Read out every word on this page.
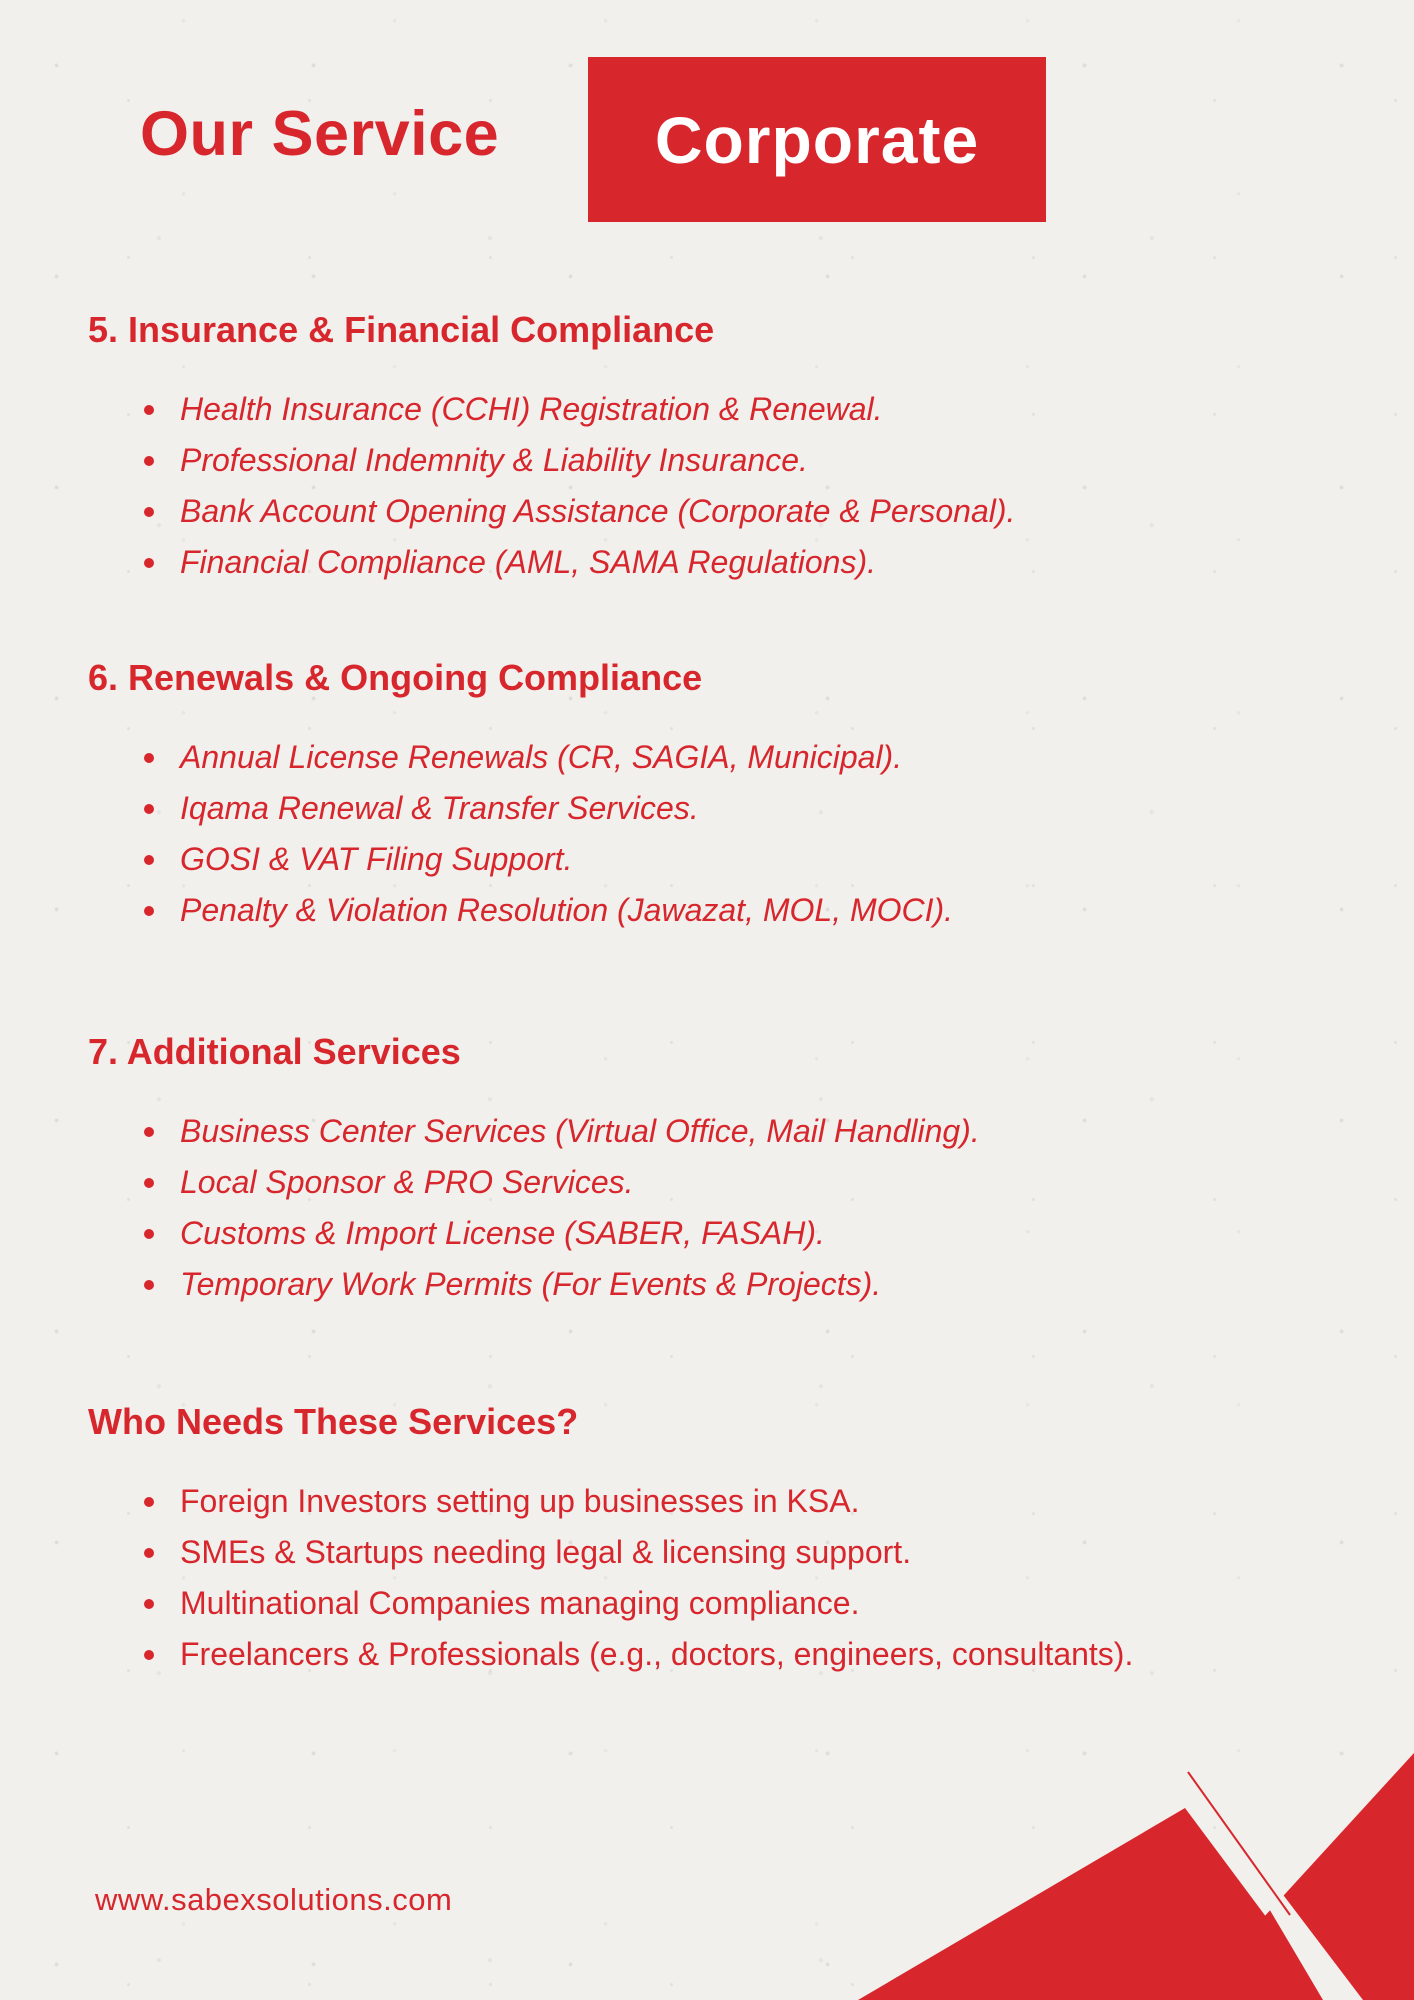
Our Service Corporate
5. Insurance & Financial Compliance
Health Insurance (CCHI) Registration & Renewal.
Professional Indemnity & Liability Insurance.
Bank Account Opening Assistance (Corporate & Personal).
Financial Compliance (AML, SAMA Regulations).
6. Renewals & Ongoing Compliance
Annual License Renewals (CR, SAGIA, Municipal).
Iqama Renewal & Transfer Services.
GOSI & VAT Filing Support.
Penalty & Violation Resolution (Jawazat, MOL, MOCI).
7. Additional Services
Business Center Services (Virtual Office, Mail Handling).
Local Sponsor & PRO Services.
Customs & Import License (SABER, FASAH).
Temporary Work Permits (For Events & Projects).
Who Needs These Services?
Foreign Investors setting up businesses in KSA.
SMEs & Startups needing legal & licensing support.
Multinational Companies managing compliance.
Freelancers & Professionals (e.g., doctors, engineers, consultants).
www.sabexsolutions.com
